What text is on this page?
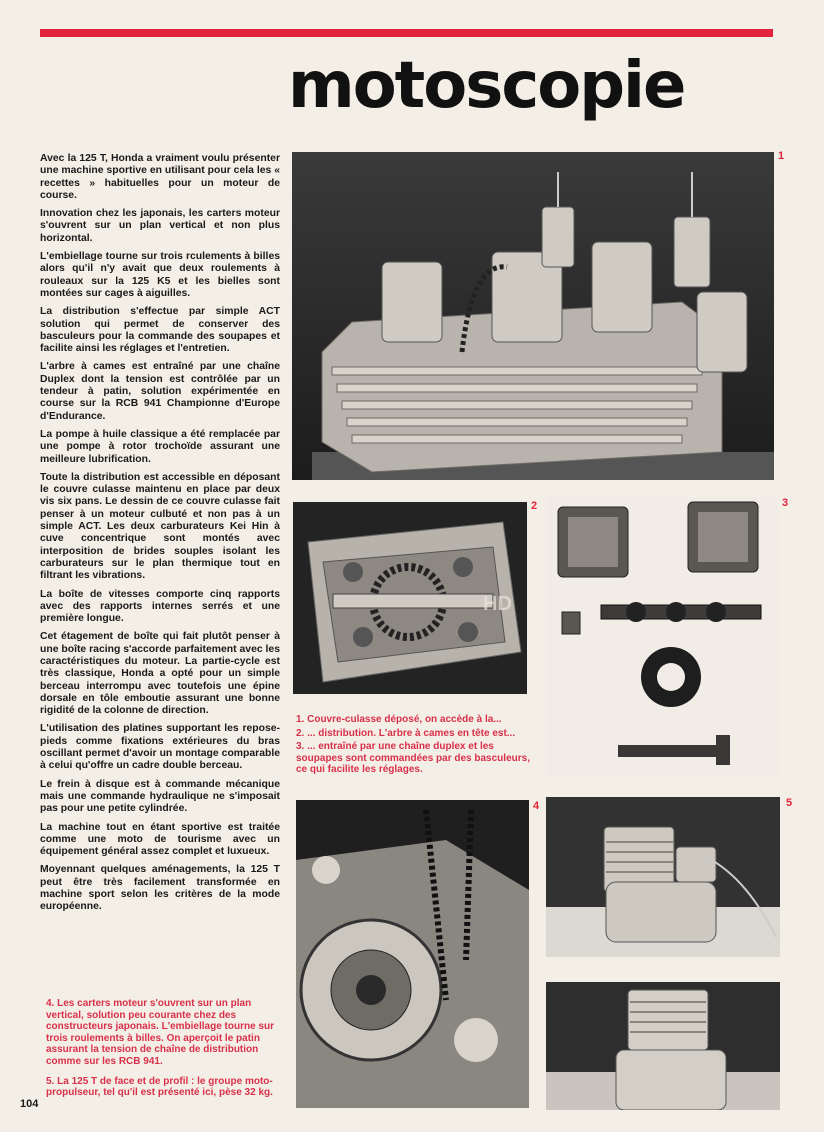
motoscopie

Avec la 125 T, Honda a vraiment voulu présenter une machine sportive en utilisant pour cela les « recettes » habituelles pour un moteur de course.

Innovation chez les japonais, les carters moteur s'ouvrent sur un plan vertical et non plus horizontal.

L'embiellage tourne sur trois rculements à billes alors qu'il n'y avait que deux roulements à rouleaux sur la 125 K5 et les bielles sont montées sur cages à aiguilles.

La distribution s'effectue par simple ACT solution qui permet de conserver des basculeurs pour la commande des soupapes et facilite ainsi les réglages et l'entretien.

L'arbre à cames est entraîné par une chaîne Duplex dont la tension est contrôlée par un tendeur à patin, solution expérimentée en course sur la RCB 941 Championne d'Europe d'Endurance.

La pompe à huile classique a été remplacée par une pompe à rotor trochoïde assurant une meilleure lubrification.

Toute la distribution est accessible en déposant le couvre culasse maintenu en place par deux vis six pans. Le dessin de ce couvre culasse fait penser à un moteur culbuté et non pas à un simple ACT. Les deux carburateurs Kei Hin à cuve concentrique sont montés avec interposition de brides souples isolant les carburateurs sur le plan thermique tout en filtrant les vibrations.

La boîte de vitesses comporte cinq rapports avec des rapports internes serrés et une première longue.

Cet étagement de boîte qui fait plutôt penser à une boîte racing s'accorde parfaitement avec les caractéristiques du moteur. La partie-cycle est très classique, Honda a opté pour un simple berceau interrompu avec toutefois une épine dorsale en tôle emboutie assurant une bonne rigidité de la colonne de direction.

L'utilisation des platines supportant les repose-pieds comme fixations extérieures du bras oscillant permet d'avoir un montage comparable à celui qu'offre un cadre double berceau.

Le frein à disque est à commande mécanique mais une commande hydraulique ne s'imposait pas pour une petite cylindrée.

La machine tout en étant sportive est traitée comme une moto de tourisme avec un équipement général assez complet et luxueux.

Moyennant quelques aménagements, la 125 T peut être très facilement transformée en machine sport selon les critères de la mode européenne.

1
HD
2	3

1. Couvre-culasse déposé, on accède à la...

2. ... distribution. L'arbre à cames en tête est...

3. ... entraîné par une chaîne duplex et les soupapes sont commandées par des basculeurs, ce qui facilite les réglages.

4	5

4. Les carters moteur s'ouvrent sur un plan vertical, solution peu courante chez des constructeurs japonais. L'embiellage tourne sur trois roulements à billes. On aperçoit le patin assurant la tension de chaîne de distribution comme sur les RCB 941.

5. La 125 T de face et de profil : le groupe moto-propulseur, tel qu'il est présenté ici, pèse 32 kg.

104
